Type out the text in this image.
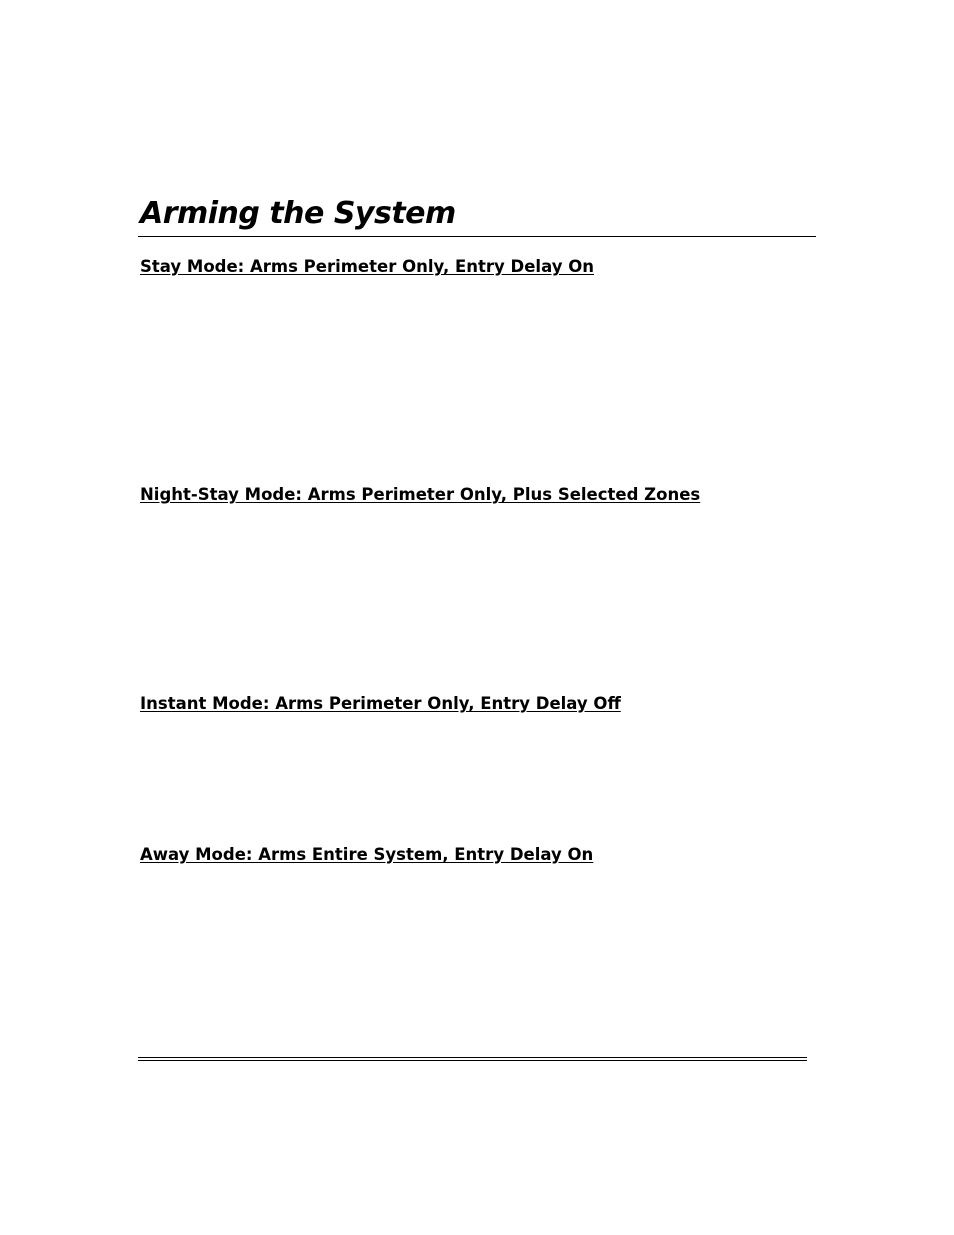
Arming the System
Stay Mode: Arms Perimeter Only, Entry Delay On
Night-Stay Mode: Arms Perimeter Only, Plus Selected Zones
Instant Mode: Arms Perimeter Only, Entry Delay Off
Away Mode: Arms Entire System, Entry Delay On
